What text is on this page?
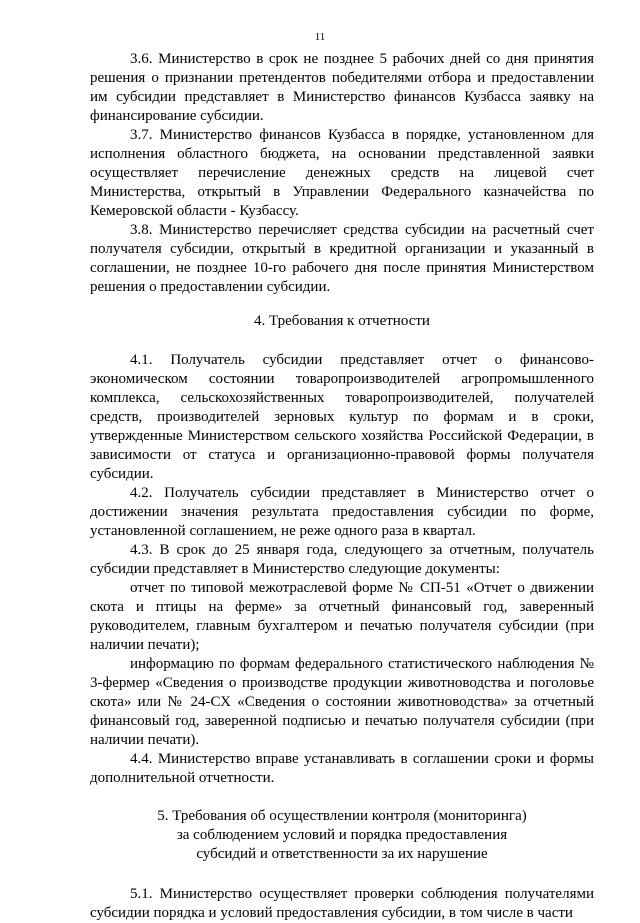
11

3.6. Министерство в срок не позднее 5 рабочих дней со дня принятия решения о признании претендентов победителями отбора и предоставлении им субсидии представляет в Министерство финансов Кузбасса заявку на финансирование субсидии.

3.7. Министерство финансов Кузбасса в порядке, установленном для исполнения областного бюджета, на основании представленной заявки осуществляет перечисление денежных средств на лицевой счет Министерства, открытый в Управлении Федерального казначейства по Кемеровской области - Кузбассу.

3.8. Министерство перечисляет средства субсидии на расчетный счет получателя субсидии, открытый в кредитной организации и указанный в соглашении, не позднее 10-го рабочего дня после принятия Министерством решения о предоставлении субсидии.

4. Требования к отчетности

4.1. Получатель субсидии представляет отчет о финансово-экономическом состоянии товаропроизводителей агропромышленного комплекса, сельскохозяйственных товаропроизводителей, получателей средств, производителей зерновых культур по формам и в сроки, утвержденные Министерством сельского хозяйства Российской Федерации, в зависимости от статуса и организационно-правовой формы получателя субсидии.

4.2. Получатель субсидии представляет в Министерство отчет о достижении значения результата предоставления субсидии по форме, установленной соглашением, не реже одного раза в квартал.

4.3. В срок до 25 января года, следующего за отчетным, получатель субсидии представляет в Министерство следующие документы:

отчет по типовой межотраслевой форме № СП-51 «Отчет о движении скота и птицы на ферме» за отчетный финансовый год, заверенный руководителем, главным бухгалтером и печатью получателя субсидии (при наличии печати);

информацию по формам федерального статистического наблюдения № 3-фермер «Сведения о производстве продукции животноводства и поголовье скота» или № 24-СХ «Сведения о состоянии животноводства» за отчетный финансовый год, заверенной подписью и печатью получателя субсидии (при наличии печати).

4.4. Министерство вправе устанавливать в соглашении сроки и формы дополнительной отчетности.

5. Требования об осуществлении контроля (мониторинга)

за соблюдением условий и порядка предоставления

субсидий и ответственности за их нарушение

5.1. Министерство осуществляет проверки соблюдения получателями субсидии порядка и условий предоставления субсидии, в том числе в части
